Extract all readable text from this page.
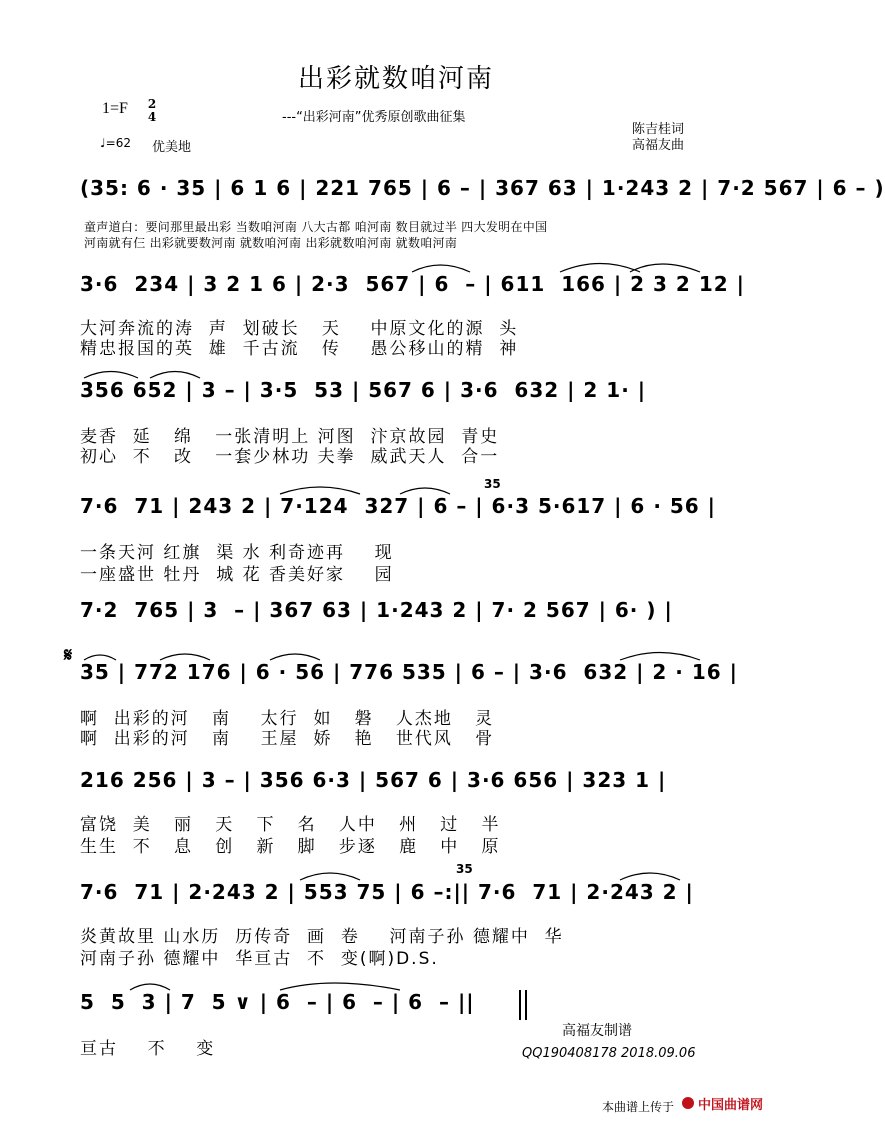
出彩就数咱河南
1=F 2
4
♩=62 优美地
---“出彩河南”优秀原创歌曲征集
陈吉桂词
高福友曲
童声道白：要问那里最出彩 当数咱河南 八大古都 咱河南 数目就过半 四大发明在中国
河南就有仨 出彩就要数河南 就数咱河南 出彩就数咱河南 就数咱河南
(35: 6 · 35 | 6 1 6 | 221 765 | 6 – | 367 63 | 1·243 2 | 7·2 567 | 6 – )
3·6  234 | 3 2 1 6 | 2·3  567 | 6  – | 611  166 | 2 3 2 12 |
大河奔流的涛  声  划破长   天    中原文化的源  头
精忠报国的英  雄  千古流   传    愚公移山的精  神
356 652 | 3 – | 3·5  53 | 567 6 | 3·6  632 | 2 1· |
麦香  延   绵   一张清明上 河图  汴京故园  青史
初心  不   改   一套少林功 夫拳  威武天人  合一
35
7·6  71 | 243 2 | 7·124  327 | 6 – | 6·3 5·617 | 6 · 56 |
一条天河 红旗  渠 水 利奇迹再    现
一座盛世 牡丹  城 花 香美好家    园
7·2  765 | 3  – | 367 63 | 1·243 2 | 7· 2 567 | 6· ) |
𝄋
35 | 772 176 | 6 · 56 | 776 535 | 6 – | 3·6  632 | 2 · 16 |
啊  出彩的河   南    太行  如   磐   人杰地   灵
啊  出彩的河   南    王屋  娇   艳   世代风   骨
216 256 | 3 – | 356 6·3 | 567 6 | 3·6 656 | 323 1 |
富饶  美   丽   天   下   名   人中   州   过   半
生生  不   息   创   新   脚   步逐   鹿   中   原
35
7·6  71 | 2·243 2 | 553 75 | 6 –:|| 7·6  71 | 2·243 2 |
炎黄故里 山水历  历传奇  画  卷    河南子孙 德耀中  华
河南子孙 德耀中  华亘古  不  变(啊)D.S.
5  5  3 | 7  5 ∨ | 6  – | 6  – | 6  – ||
亘古    不    变
高福友制谱
QQ190408178 2018.09.06
本曲谱上传于 中国曲谱网
